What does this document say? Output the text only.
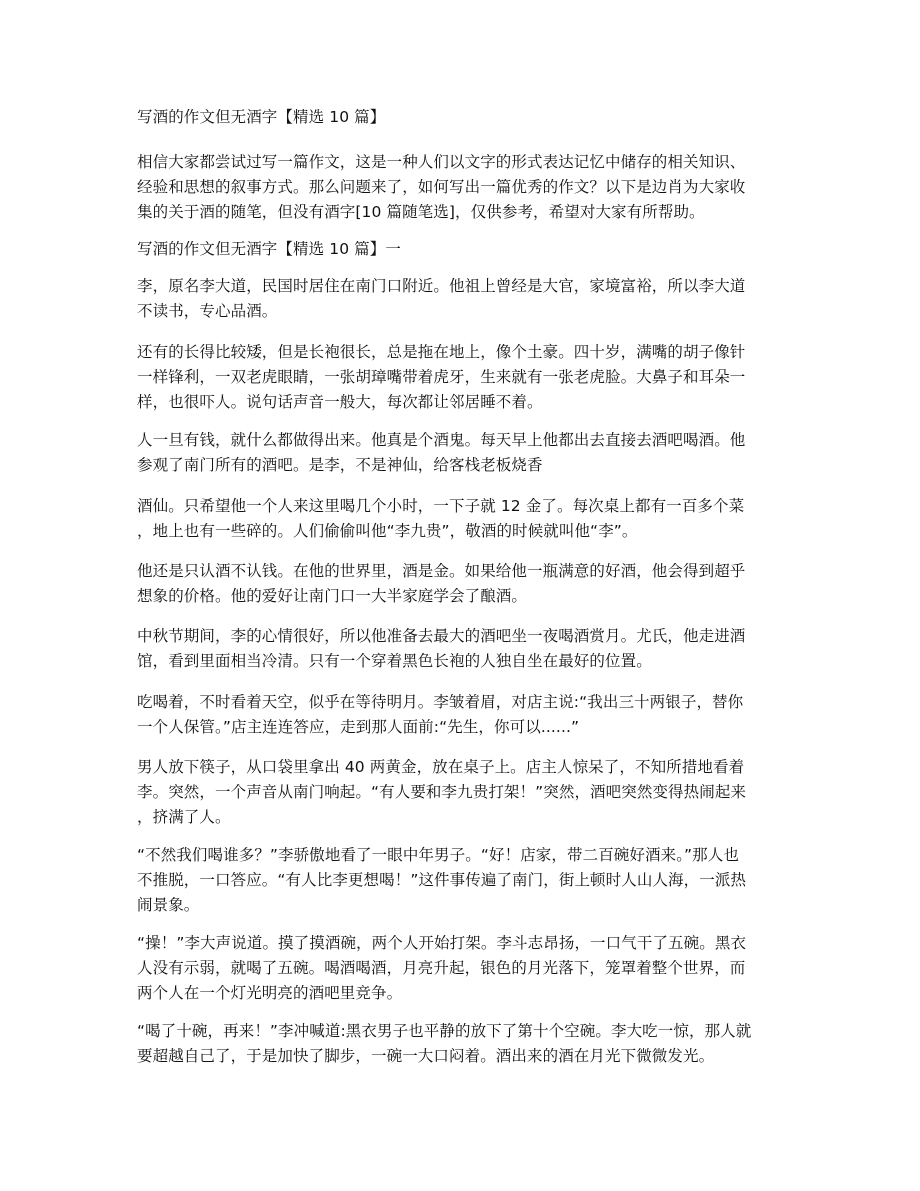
写酒的作文但无酒字【精选 10 篇】

相信大家都尝试过写一篇作文，这是一种人们以文字的形式表达记忆中储存的相关知识、
经验和思想的叙事方式。那么问题来了，如何写出一篇优秀的作文？以下是边肖为大家收
集的关于酒的随笔，但没有酒字[10 篇随笔选]，仅供参考，希望对大家有所帮助。

写酒的作文但无酒字【精选 10 篇】一

李，原名李大道，民国时居住在南门口附近。他祖上曾经是大官，家境富裕，所以李大道
不读书，专心品酒。

还有的长得比较矮，但是长袍很长，总是拖在地上，像个土豪。四十岁，满嘴的胡子像针
一样锋利，一双老虎眼睛，一张胡璋嘴带着虎牙，生来就有一张老虎脸。大鼻子和耳朵一
样，也很吓人。说句话声音一般大，每次都让邻居睡不着。

人一旦有钱，就什么都做得出来。他真是个酒鬼。每天早上他都出去直接去酒吧喝酒。他
参观了南门所有的酒吧。是李，不是神仙，给客栈老板烧香

酒仙。只希望他一个人来这里喝几个小时，一下子就 12 金了。每次桌上都有一百多个菜
，地上也有一些碎的。人们偷偷叫他“李九贵”，敬酒的时候就叫他“李”。

他还是只认酒不认钱。在他的世界里，酒是金。如果给他一瓶满意的好酒，他会得到超乎
想象的价格。他的爱好让南门口一大半家庭学会了酿酒。

中秋节期间，李的心情很好，所以他准备去最大的酒吧坐一夜喝酒赏月。尤氏，他走进酒
馆，看到里面相当冷清。只有一个穿着黑色长袍的人独自坐在最好的位置。

吃喝着，不时看着天空，似乎在等待明月。李皱着眉，对店主说:“我出三十两银子，替你
一个人保管。”店主连连答应，走到那人面前:“先生，你可以......”

男人放下筷子，从口袋里拿出 40 两黄金，放在桌子上。店主人惊呆了，不知所措地看着
李。突然，一个声音从南门响起。“有人要和李九贵打架！”突然，酒吧突然变得热闹起来
，挤满了人。

“不然我们喝谁多？”李骄傲地看了一眼中年男子。“好！店家，带二百碗好酒来。”那人也
不推脱，一口答应。“有人比李更想喝！”这件事传遍了南门，街上顿时人山人海，一派热
闹景象。

“操！”李大声说道。摸了摸酒碗，两个人开始打架。李斗志昂扬，一口气干了五碗。黑衣
人没有示弱，就喝了五碗。喝酒喝酒，月亮升起，银色的月光落下，笼罩着整个世界，而
两个人在一个灯光明亮的酒吧里竞争。

“喝了十碗，再来！”李冲喊道:黑衣男子也平静的放下了第十个空碗。李大吃一惊，那人就
要超越自己了，于是加快了脚步，一碗一大口闷着。酒出来的酒在月光下微微发光。
